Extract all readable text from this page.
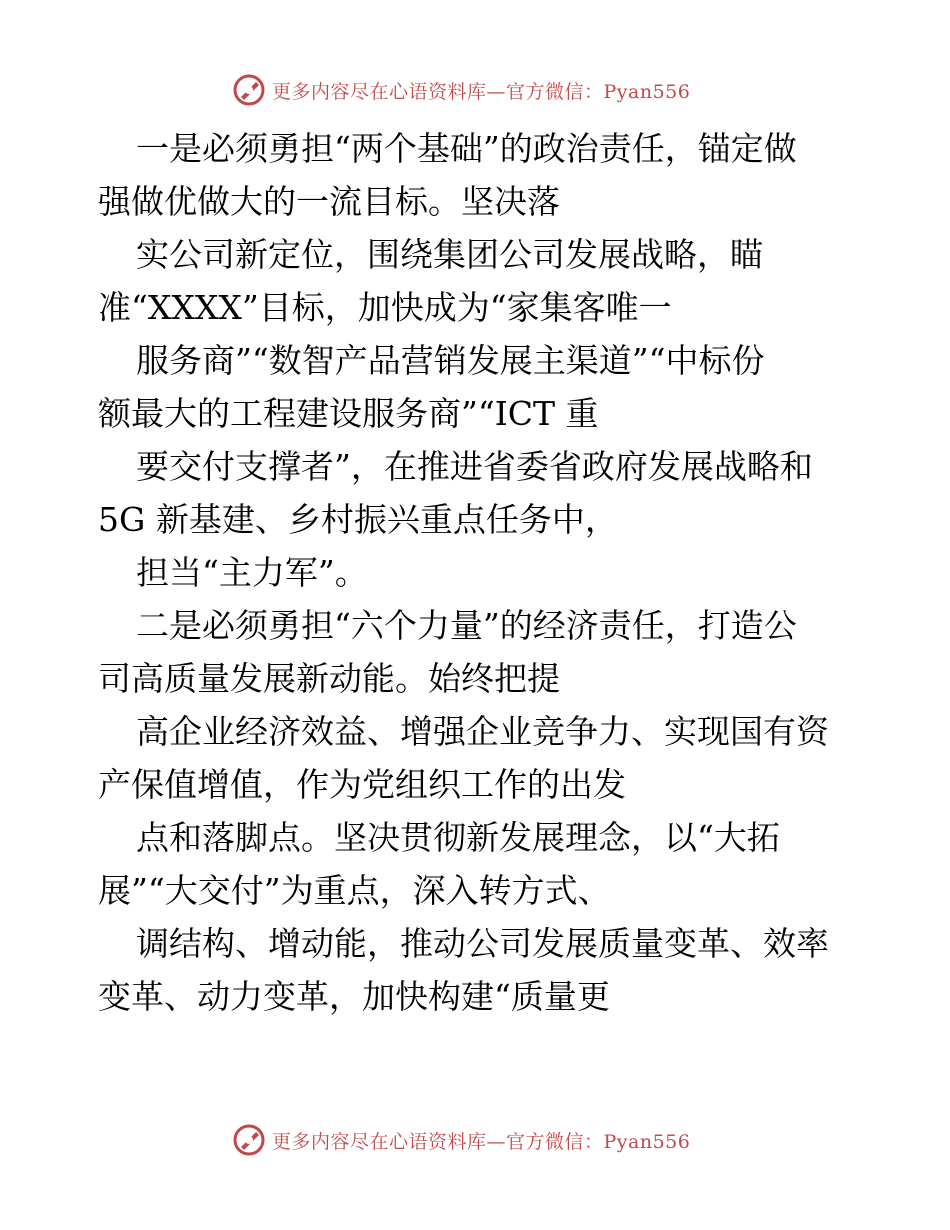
更多内容尽在心语资料库—官方微信：Pyan556
一是必须勇担“两个基础”的政治责任，锚定做
强做优做大的一流目标。坚决落
实公司新定位，围绕集团公司发展战略，瞄
准“XXXX”目标，加快成为“家集客唯一
服务商”“数智产品营销发展主渠道”“中标份
额最大的工程建设服务商”“ICT 重
要交付支撑者”，在推进省委省政府发展战略和
5G 新基建、乡村振兴重点任务中，
担当“主力军”。
二是必须勇担“六个力量”的经济责任，打造公
司高质量发展新动能。始终把提
高企业经济效益、增强企业竞争力、实现国有资
产保值增值，作为党组织工作的出发
点和落脚点。坚决贯彻新发展理念，以“大拓
展”“大交付”为重点，深入转方式、
调结构、增动能，推动公司发展质量变革、效率
变革、动力变革，加快构建“质量更
更多内容尽在心语资料库—官方微信：Pyan556
